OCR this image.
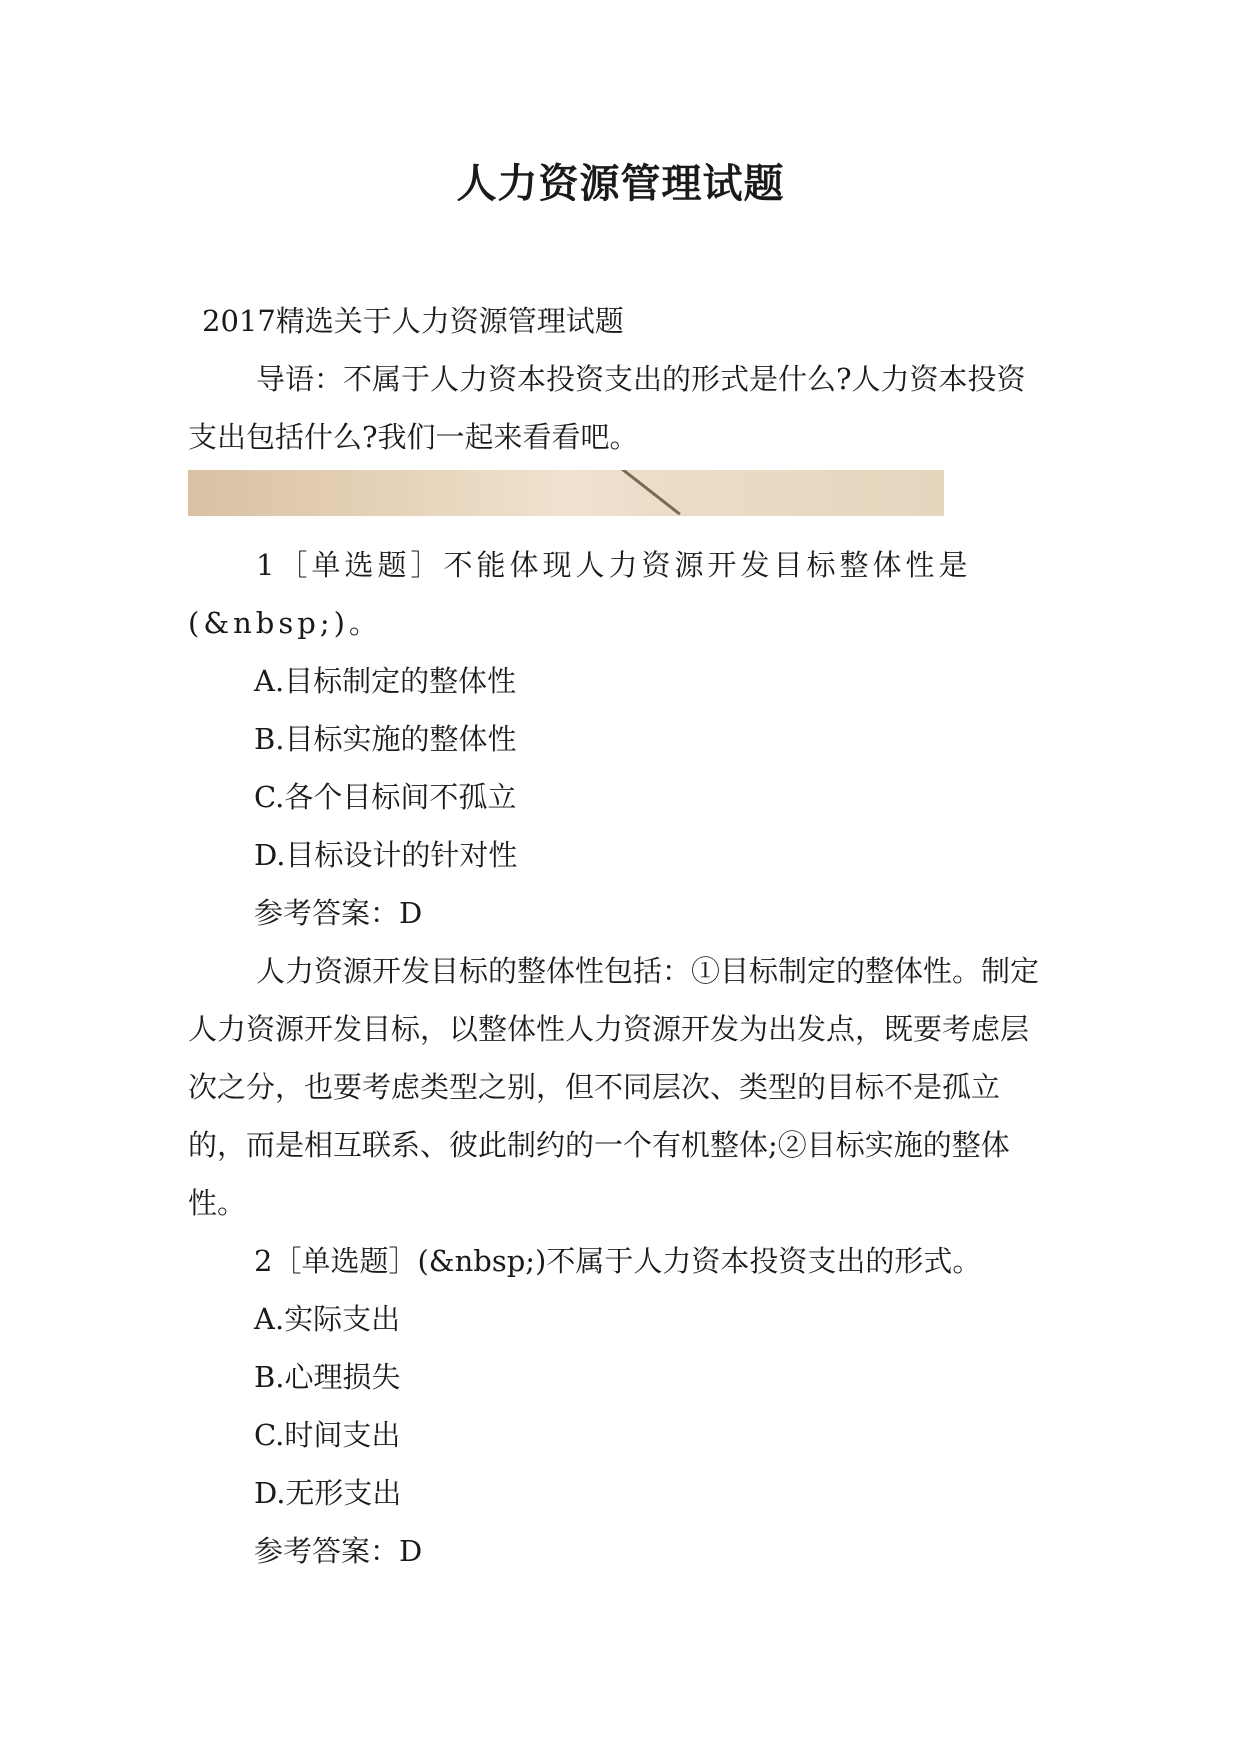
人力资源管理试题

2017精选关于人力资源管理试题

导语：不属于人力资本投资支出的形式是什么?人力资本投资支出包括什么?我们一起来看看吧。

1［单选题］不能体现人力资源开发目标整体性是(&nbsp;)。

A.目标制定的整体性

B.目标实施的整体性

C.各个目标间不孤立

D.目标设计的针对性

参考答案：D

人力资源开发目标的整体性包括：①目标制定的整体性。制定人力资源开发目标，以整体性人力资源开发为出发点，既要考虑层次之分，也要考虑类型之别，但不同层次、类型的目标不是孤立的，而是相互联系、彼此制约的一个有机整体;②目标实施的整体性。

2［单选题］(&nbsp;)不属于人力资本投资支出的形式。

A.实际支出

B.心理损失

C.时间支出

D.无形支出

参考答案：D
